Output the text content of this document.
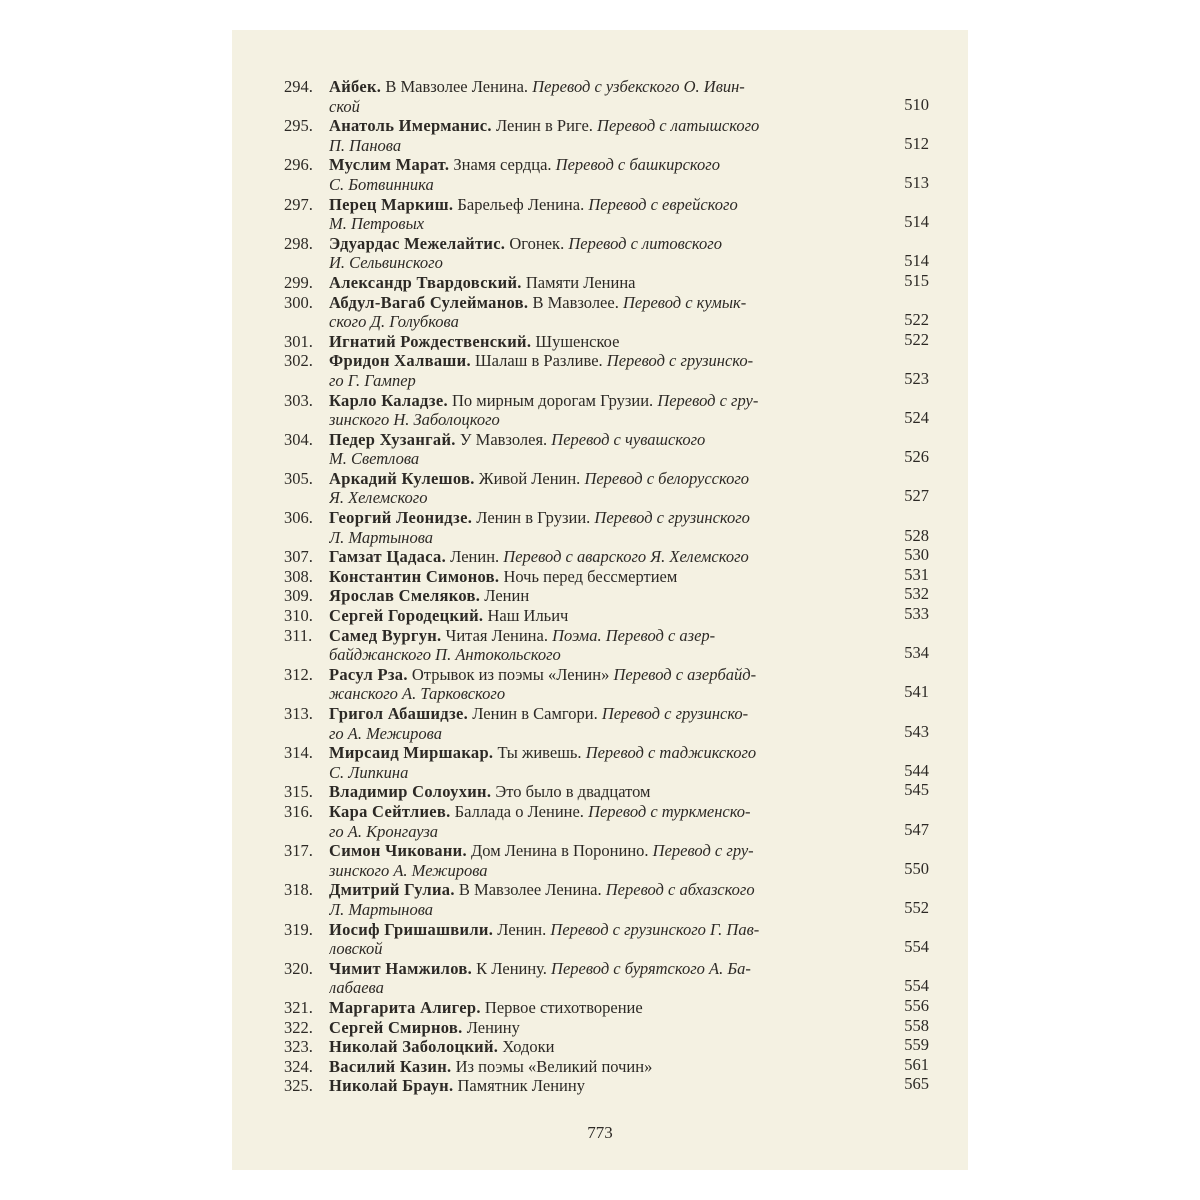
294. Айбек. В Мавзолее Ленина. Перевод с узбекского О. Ивин-
ской	510
295. Анатоль Имерманис. Ленин в Риге. Перевод с латышского
П. Панова	512
296. Муслим Марат. Знамя сердца. Перевод с башкирского
С. Ботвинника	513
297. Перец Маркиш. Барельеф Ленина. Перевод с еврейского
М. Петровых	514
298. Эдуардас Межелайтис. Огонек. Перевод с литовского
И. Сельвинского	514
299. Александр Твардовский. Памяти Ленина	515
300. Абдул-Вагаб Сулейманов. В Мавзолее. Перевод с кумык-
ского Д. Голубкова	522
301. Игнатий Рождественский. Шушенское	522
302. Фридон Халваши. Шалаш в Разливе. Перевод с грузинско-
го Г. Гампер	523
303. Карло Каладзе. По мирным дорогам Грузии. Перевод с гру-
зинского Н. Заболоцкого	524
304. Педер Хузангай. У Мавзолея. Перевод с чувашского
М. Светлова	526
305. Аркадий Кулешов. Живой Ленин. Перевод с белорусского
Я. Хелемского	527
306. Георгий Леонидзе. Ленин в Грузии. Перевод с грузинского
Л. Мартынова	528
307. Гамзат Цадаса. Ленин. Перевод с аварского Я. Хелемского	530
308. Константин Симонов. Ночь перед бессмертием	531
309. Ярослав Смеляков. Ленин	532
310. Сергей Городецкий. Наш Ильич	533
311. Самед Вургун. Читая Ленина. Поэма. Перевод с азер-
байджанского П. Антокольского	534
312. Расул Рза. Отрывок из поэмы «Ленин» Перевод с азербайд-
жанского А. Тарковского	541
313. Григол Абашидзе. Ленин в Самгори. Перевод с грузинско-
го А. Межирова	543
314. Мирсаид Миршакар. Ты живешь. Перевод с таджикского
С. Липкина	544
315. Владимир Солоухин. Это было в двадцатом	545
316. Кара Сейтлиев. Баллада о Ленине. Перевод с туркменско-
го А. Кронгауза	547
317. Симон Чиковани. Дом Ленина в Поронино. Перевод с гру-
зинского А. Межирова	550
318. Дмитрий Гулиа. В Мавзолее Ленина. Перевод с абхазского
Л. Мартынова	552
319. Иосиф Гришашвили. Ленин. Перевод с грузинского Г. Пав-
ловской	554
320. Чимит Намжилов. К Ленину. Перевод с бурятского А. Ба-
лабаева	554
321. Маргарита Алигер. Первое стихотворение	556
322. Сергей Смирнов. Ленину	558
323. Николай Заболоцкий. Ходоки	559
324. Василий Казин. Из поэмы «Великий почин»	561
325. Николай Браун. Памятник Ленину	565
773
